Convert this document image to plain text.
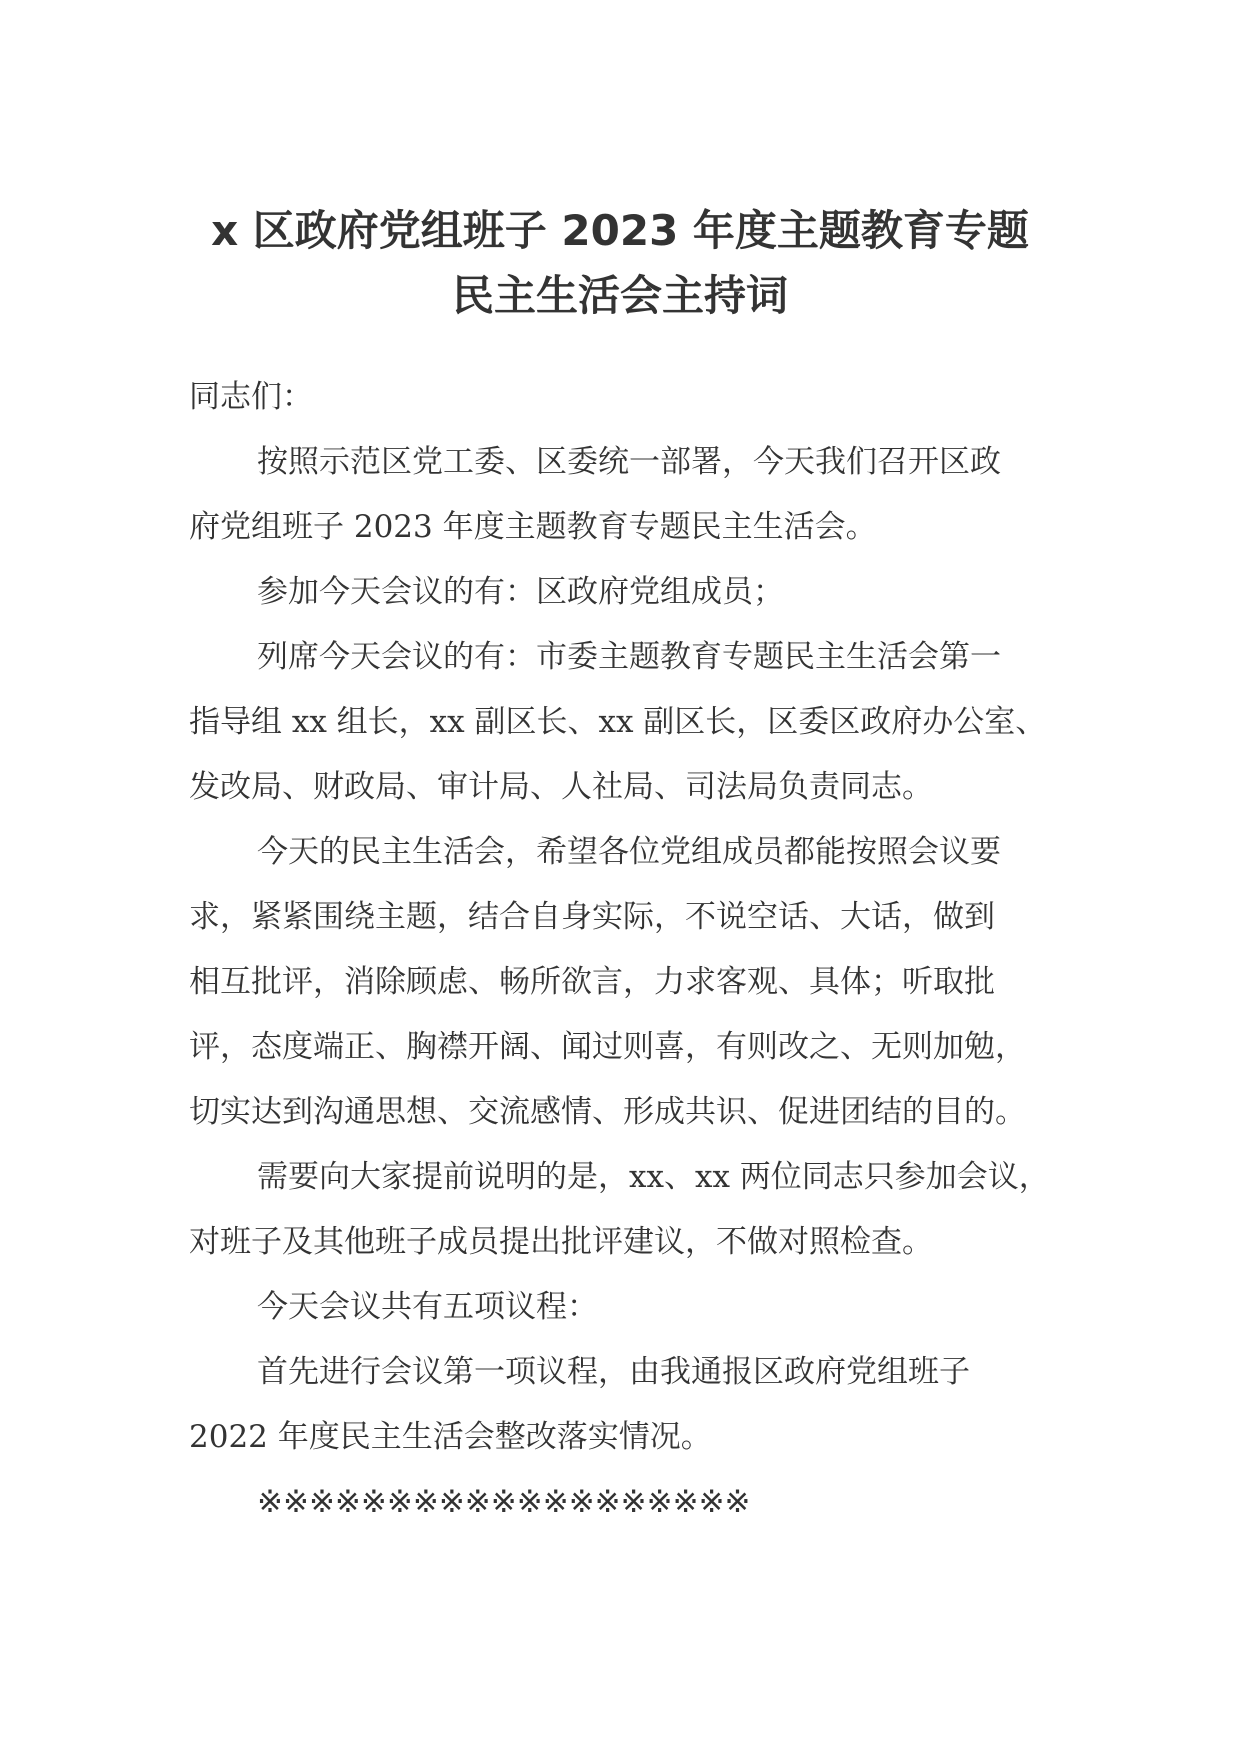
x 区政府党组班子 2023 年度主题教育专题
民主生活会主持词
同志们：
按照示范区党工委、区委统一部署，今天我们召开区政
府党组班子 2023 年度主题教育专题民主生活会。
参加今天会议的有：区政府党组成员；
列席今天会议的有：市委主题教育专题民主生活会第一
指导组 xx 组长，xx 副区长、xx 副区长，区委区政府办公室、
发改局、财政局、审计局、人社局、司法局负责同志。
今天的民主生活会，希望各位党组成员都能按照会议要
求，紧紧围绕主题，结合自身实际，不说空话、大话，做到
相互批评，消除顾虑、畅所欲言，力求客观、具体；听取批
评，态度端正、胸襟开阔、闻过则喜，有则改之、无则加勉，
切实达到沟通思想、交流感情、形成共识、促进团结的目的。
需要向大家提前说明的是，xx、xx 两位同志只参加会议，
对班子及其他班子成员提出批评建议，不做对照检查。
今天会议共有五项议程：
首先进行会议第一项议程，由我通报区政府党组班子
2022 年度民主生活会整改落实情况。
※※※※※※※※※※※※※※※※※※※
